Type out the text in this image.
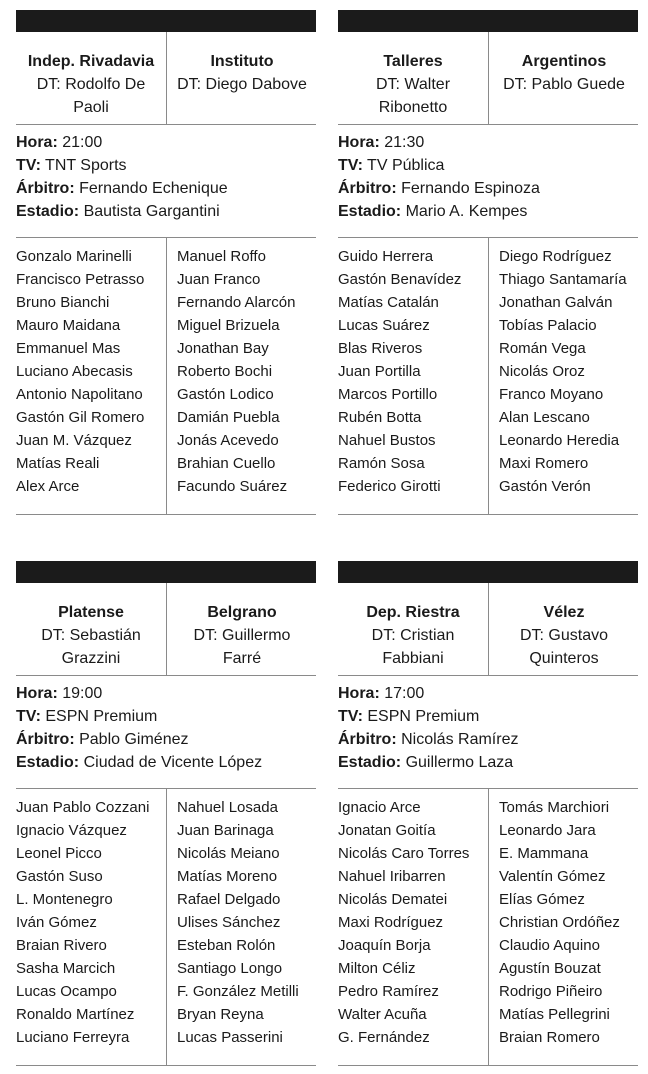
Indep. Rivadavia
DT: Rodolfo De Paoli
Instituto
DT: Diego Dabove
Hora: 21:00
TV: TNT Sports
Árbitro: Fernando Echenique
Estadio: Bautista Gargantini
Gonzalo Marinelli
Francisco Petrasso
Bruno Bianchi
Mauro Maidana
Emmanuel Mas
Luciano Abecasis
Antonio Napolitano
Gastón Gil Romero
Juan M. Vázquez
Matías Reali
Alex Arce
Manuel Roffo
Juan Franco
Fernando Alarcón
Miguel Brizuela
Jonathan Bay
Roberto Bochi
Gastón Lodico
Damián Puebla
Jonás Acevedo
Brahian Cuello
Facundo Suárez
Talleres
DT: Walter Ribonetto
Argentinos
DT: Pablo Guede
Hora: 21:30
TV: TV Pública
Árbitro: Fernando Espinoza
Estadio: Mario A. Kempes
Guido Herrera
Gastón Benavídez
Matías Catalán
Lucas Suárez
Blas Riveros
Juan Portilla
Marcos Portillo
Rubén Botta
Nahuel Bustos
Ramón Sosa
Federico Girotti
Diego Rodríguez
Thiago Santamaría
Jonathan Galván
Tobías Palacio
Román Vega
Nicolás Oroz
Franco Moyano
Alan Lescano
Leonardo Heredia
Maxi Romero
Gastón Verón
Platense
DT: Sebastián Grazzini
Belgrano
DT: Guillermo Farré
Hora: 19:00
TV: ESPN Premium
Árbitro: Pablo Giménez
Estadio: Ciudad de Vicente López
Juan Pablo Cozzani
Ignacio Vázquez
Leonel Picco
Gastón Suso
L. Montenegro
Iván Gómez
Braian Rivero
Sasha Marcich
Lucas Ocampo
Ronaldo Martínez
Luciano Ferreyra
Nahuel Losada
Juan Barinaga
Nicolás Meiano
Matías Moreno
Rafael Delgado
Ulises Sánchez
Esteban Rolón
Santiago Longo
F. González Metilli
Bryan Reyna
Lucas Passerini
Dep. Riestra
DT: Cristian Fabbiani
Vélez
DT: Gustavo Quinteros
Hora: 17:00
TV: ESPN Premium
Árbitro: Nicolás Ramírez
Estadio: Guillermo Laza
Ignacio Arce
Jonatan Goitía
Nicolás Caro Torres
Nahuel Iribarren
Nicolás Dematei
Maxi Rodríguez
Joaquín Borja
Milton Céliz
Pedro Ramírez
Walter Acuña
G. Fernández
Tomás Marchiori
Leonardo Jara
E. Mammana
Valentín Gómez
Elías Gómez
Christian Ordóñez
Claudio Aquino
Agustín Bouzat
Rodrigo Piñeiro
Matías Pellegrini
Braian Romero
